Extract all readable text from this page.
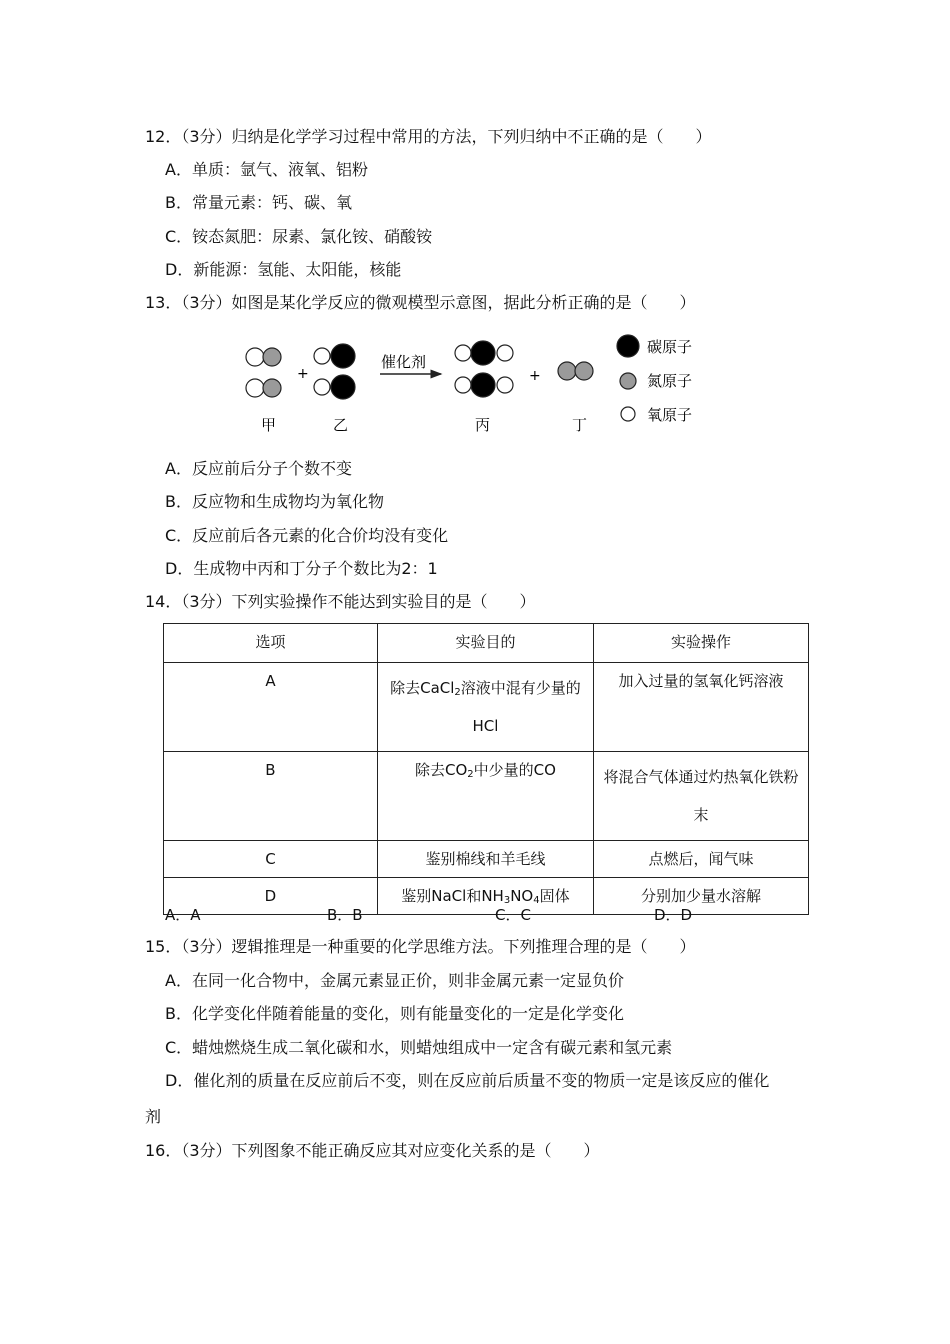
12．（3分）归纳是化学学习过程中常用的方法，下列归纳中不正确的是（　　）
A．单质：氩气、液氧、铝粉
B．常量元素：钙、碳、氧
C．铵态氮肥：尿素、氯化铵、硝酸铵
D．新能源：氢能、太阳能，核能
13．（3分）如图是某化学反应的微观模型示意图，据此分析正确的是（　　）
+
催化剂
+
甲	乙	丙	丁
碳原子
氮原子
氧原子
A．反应前后分子个数不变
B．反应物和生成物均为氧化物
C．反应前后各元素的化合价均没有变化
D．生成物中丙和丁分子个数比为2：1
14．（3分）下列实验操作不能达到实验目的是（　　）
选项	实验目的	实验操作
A	除去CaCl$_2$溶液中混有少量的HCl	加入过量的氢氧化钙溶液
B	除去$CO_2$中少量的CO	将混合气体通过灼热氧化铁粉末
C	鉴别棉线和羊毛线	点燃后，闻气味
D	鉴别NaCl和$NH_3NO_4$固体	分别加少量水溶解
A．A	B．B	C．C	D．D
15．（3分）逻辑推理是一种重要的化学思维方法。下列推理合理的是（　　）
A．在同一化合物中，金属元素显正价，则非金属元素一定显负价
B．化学变化伴随着能量的变化，则有能量变化的一定是化学变化
C．蜡烛燃烧生成二氧化碳和水，则蜡烛组成中一定含有碳元素和氢元素
D．催化剂的质量在反应前后不变，则在反应前后质量不变的物质一定是该反应的催化
剂
16．（3分）下列图象不能正确反应其对应变化关系的是（　　）
